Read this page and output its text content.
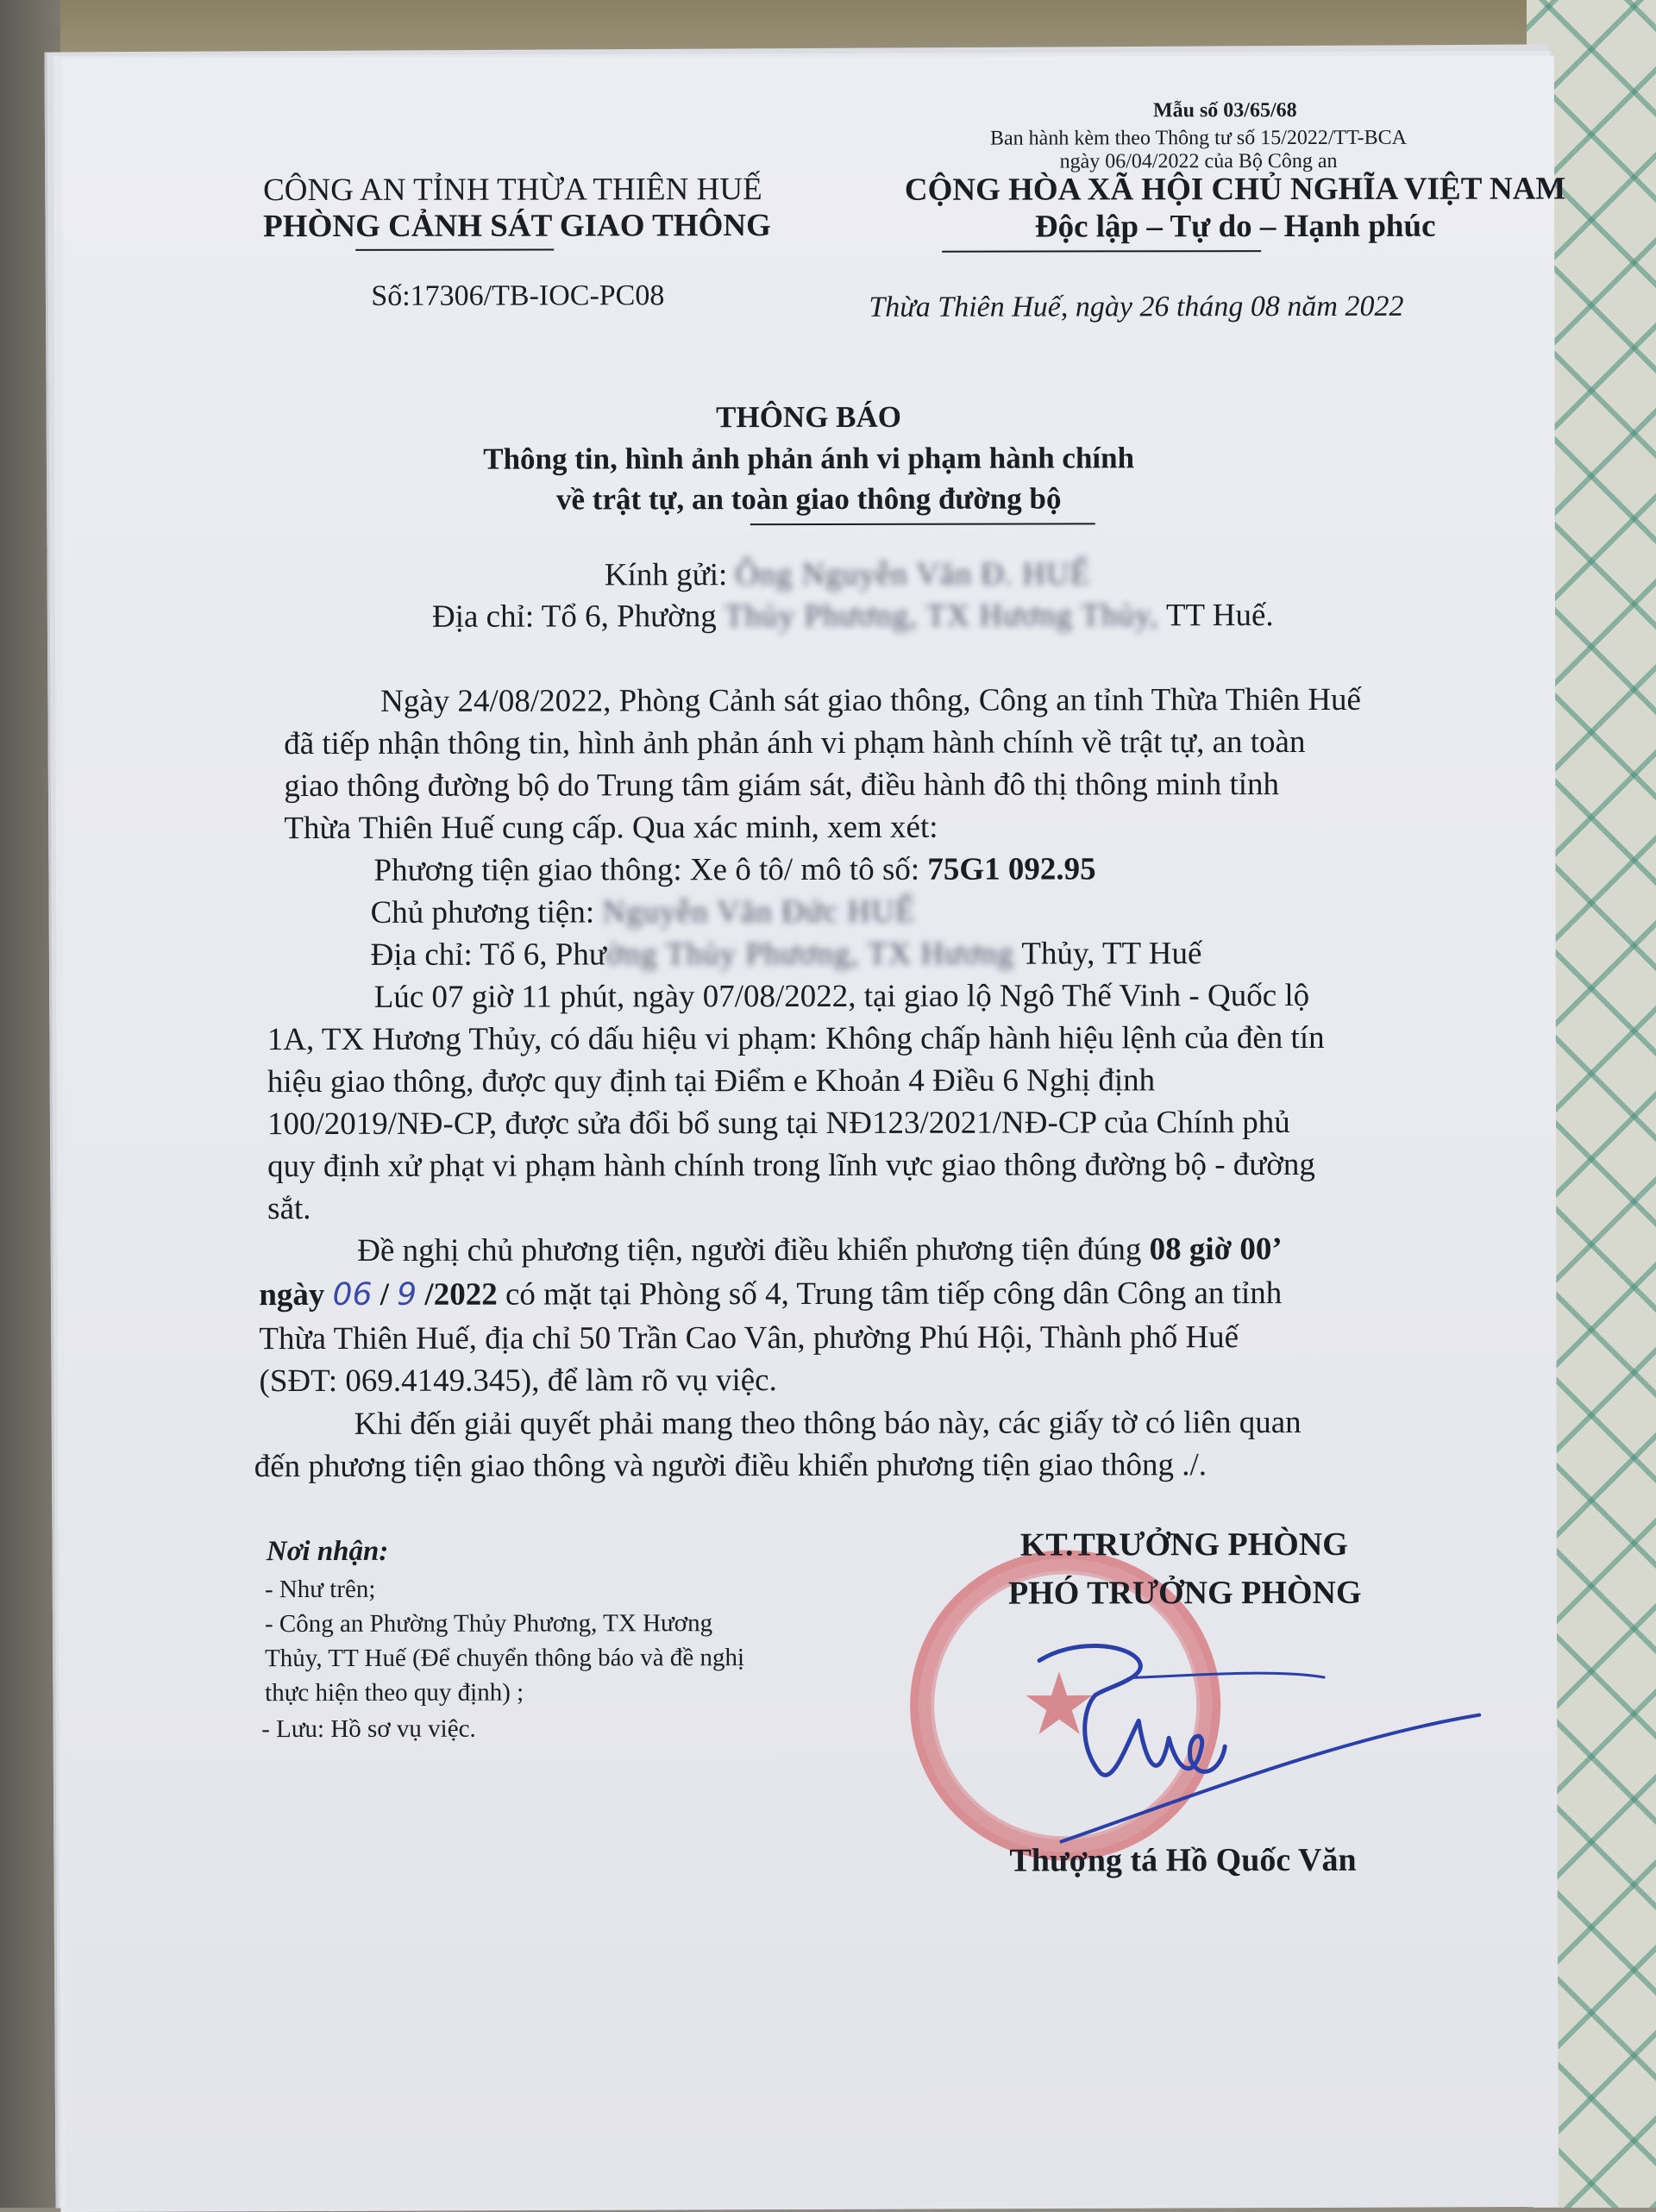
Mẫu số 03/65/68
Ban hành kèm theo Thông tư số 15/2022/TT-BCA
ngày 06/04/2022 của Bộ Công an
CÔNG AN TỈNH THỪA THIÊN HUẾ
PHÒNG CẢNH SÁT GIAO THÔNG
Số:17306/TB-IOC-PC08
CỘNG HÒA XÃ HỘI CHỦ NGHĨA VIỆT NAM
Độc lập – Tự do – Hạnh phúc
Thừa Thiên Huế, ngày 26 tháng 08 năm 2022
THÔNG BÁO
Thông tin, hình ảnh phản ánh vi phạm hành chính
về trật tự, an toàn giao thông đường bộ
Kính gửi: Ông Nguyễn Văn Đ. HUẾ
Địa chỉ: Tổ 6, Phường Thủy Phương, TX Hương Thủy, TT Huế.
Ngày 24/08/2022, Phòng Cảnh sát giao thông, Công an tỉnh Thừa Thiên Huế
đã tiếp nhận thông tin, hình ảnh phản ánh vi phạm hành chính về trật tự, an toàn
giao thông đường bộ do Trung tâm giám sát, điều hành đô thị thông minh tỉnh
Thừa Thiên Huế cung cấp. Qua xác minh, xem xét:
Phương tiện giao thông: Xe ô tô/ mô tô số: 75G1 092.95
Chủ phương tiện: Nguyễn Văn Đức HUẾ
Địa chỉ: Tổ 6, Phường Thủy Phương, TX Hương Thủy, TT Huế
Lúc 07 giờ 11 phút, ngày 07/08/2022, tại giao lộ Ngô Thế Vinh - Quốc lộ
1A, TX Hương Thủy, có dấu hiệu vi phạm: Không chấp hành hiệu lệnh của đèn tín
hiệu giao thông, được quy định tại Điểm e Khoản 4 Điều 6 Nghị định
100/2019/NĐ-CP, được sửa đổi bổ sung tại NĐ123/2021/NĐ-CP của Chính phủ
quy định xử phạt vi phạm hành chính trong lĩnh vực giao thông đường bộ - đường
sắt.
Đề nghị chủ phương tiện, người điều khiển phương tiện đúng 08 giờ 00’
ngày 06 / 9 /2022 có mặt tại Phòng số 4, Trung tâm tiếp công dân Công an tỉnh
Thừa Thiên Huế, địa chỉ 50 Trần Cao Vân, phường Phú Hội, Thành phố Huế
(SĐT: 069.4149.345), để làm rõ vụ việc.
Khi đến giải quyết phải mang theo thông báo này, các giấy tờ có liên quan
đến phương tiện giao thông và người điều khiển phương tiện giao thông ./.
Nơi nhận:
- Như trên;
- Công an Phường Thủy Phương, TX Hương
Thủy, TT Huế (Để chuyển thông báo và đề nghị
thực hiện theo quy định) ;
- Lưu: Hồ sơ vụ việc.	★
KT.TRƯỞNG PHÒNG
PHÓ TRƯỞNG PHÒNG
Thượng tá Hồ Quốc Văn
